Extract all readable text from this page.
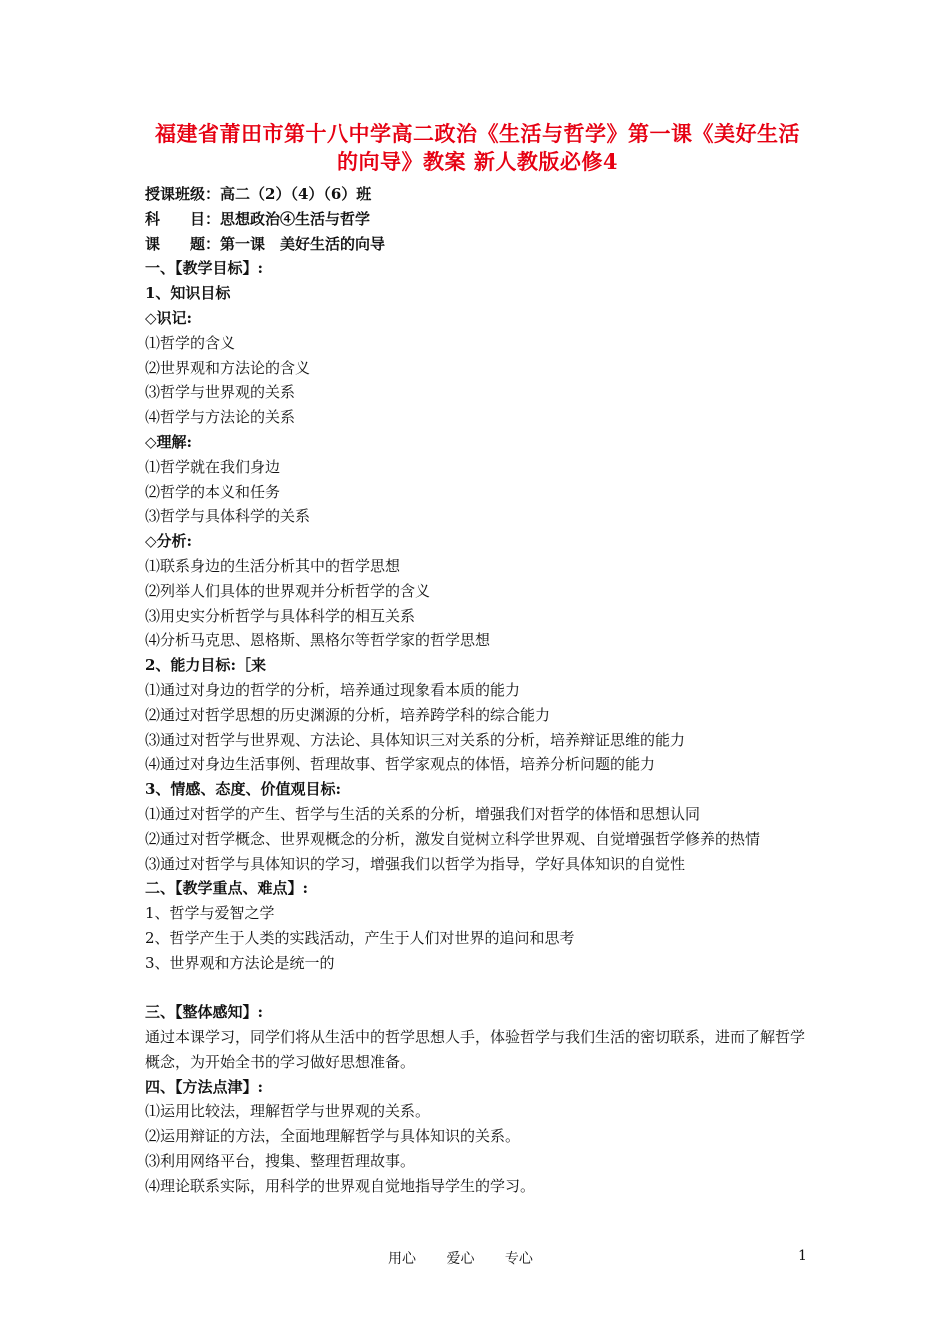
福建省莆田市第十八中学高二政治《生活与哲学》第一课《美好生活的向导》教案 新人教版必修4
授课班级：高二（2）（4）（6）班
科　　目：思想政治④生活与哲学
课　　题：第一课　美好生活的向导
一、【教学目标】:
1、知识目标
◇识记:
⑴哲学的含义
⑵世界观和方法论的含义
⑶哲学与世界观的关系
⑷哲学与方法论的关系
◇理解:
⑴哲学就在我们身边
⑵哲学的本义和任务
⑶哲学与具体科学的关系
◇分析:
⑴联系身边的生活分析其中的哲学思想
⑵列举人们具体的世界观并分析哲学的含义
⑶用史实分析哲学与具体科学的相互关系
⑷分析马克思、恩格斯、黑格尔等哲学家的哲学思想
2、能力目标:［来
⑴通过对身边的哲学的分析，培养通过现象看本质的能力
⑵通过对哲学思想的历史渊源的分析，培养跨学科的综合能力
⑶通过对哲学与世界观、方法论、具体知识三对关系的分析，培养辩证思维的能力
⑷通过对身边生活事例、哲理故事、哲学家观点的体悟，培养分析问题的能力
3、情感、态度、价值观目标:
⑴通过对哲学的产生、哲学与生活的关系的分析，增强我们对哲学的体悟和思想认同
⑵通过对哲学概念、世界观概念的分析，激发自觉树立科学世界观、自觉增强哲学修养的热情
⑶通过对哲学与具体知识的学习，增强我们以哲学为指导，学好具体知识的自觉性
二、【教学重点、难点】:
1、哲学与爱智之学
2、哲学产生于人类的实践活动，产生于人们对世界的追问和思考
3、世界观和方法论是统一的
三、【整体感知】:
通过本课学习，同学们将从生活中的哲学思想人手，体验哲学与我们生活的密切联系，进而了解哲学概念，为开始全书的学习做好思想准备。
四、【方法点津】:
⑴运用比较法，理解哲学与世界观的关系。
⑵运用辩证的方法，全面地理解哲学与具体知识的关系。
⑶利用网络平台，搜集、整理哲理故事。
⑷理论联系实际，用科学的世界观自觉地指导学生的学习。
用心 爱心 专心	1
